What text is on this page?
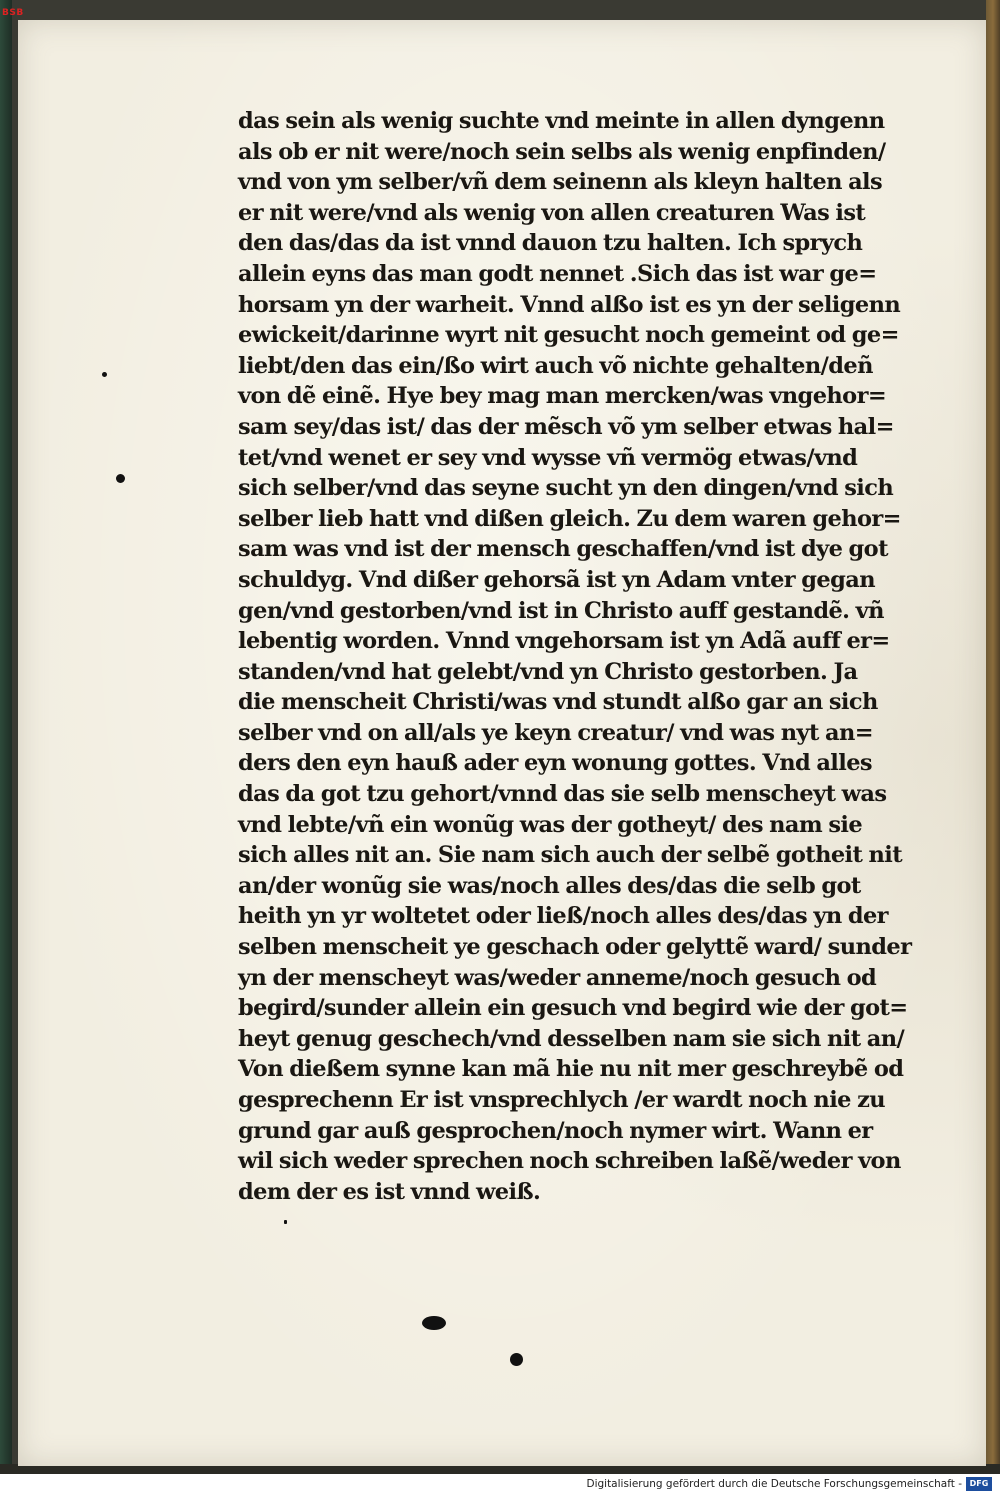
BSB
das sein als wenig suchte vnd meinte in allen dyngenn
als ob er nit were/noch sein selbs als wenig enpfinden/
vnd von ym selber/vñ dem seinenn als kleyn halten als
er nit were/vnd als wenig von allen creaturen Was ist
den das/das da ist vnnd dauon tzu halten. Ich sprych
allein eyns das man godt nennet .Sich das ist war ge=
horsam yn der warheit. Vnnd alßo ist es yn der seligenn
ewickeit/darinne wyrt nit gesucht noch gemeint od ge=
liebt/den das ein/ßo wirt auch võ nichte gehalten/deñ
von dẽ einẽ. Hye bey mag man mercken/was vngehor=
sam sey/das ist/ das der mẽsch võ ym selber etwas hal=
tet/vnd wenet er sey vnd wysse vñ vermög etwas/vnd
sich selber/vnd das seyne sucht yn den dingen/vnd sich
selber lieb hatt vnd dißen gleich. Zu dem waren gehor=
sam was vnd ist der mensch geschaffen/vnd ist dye got
schuldyg. Vnd dißer gehorsã ist yn Adam vnter gegan
gen/vnd gestorben/vnd ist in Christo auff gestandẽ. vñ
lebentig worden. Vnnd vngehorsam ist yn Adã auff er=
standen/vnd hat gelebt/vnd yn Christo gestorben. Ja
die menscheit Christi/was vnd stundt alßo gar an sich
selber vnd on all/als ye keyn creatur/ vnd was nyt an=
ders den eyn hauß ader eyn wonung gottes. Vnd alles
das da got tzu gehort/vnnd das sie selb menscheyt was
vnd lebte/vñ ein wonũg was der gotheyt/ des nam sie
sich alles nit an. Sie nam sich auch der selbẽ gotheit nit
an/der wonũg sie was/noch alles des/das die selb got
heith yn yr woltetet oder ließ/noch alles des/das yn der
selben menscheit ye geschach oder gelyttẽ ward/ sunder
yn der menscheyt was/weder anneme/noch gesuch od
begird/sunder allein ein gesuch vnd begird wie der got=
heyt genug geschech/vnd desselben nam sie sich nit an/
Von dießem synne kan mã hie nu nit mer geschreybẽ od
gesprechenn Er ist vnsprechlych /er wardt noch nie zu
grund gar auß gesprochen/noch nymer wirt. Wann er
wil sich weder sprechen noch schreiben laßẽ/weder von
dem der es ist vnnd weiß.
Digitalisierung gefördert durch die Deutsche Forschungsgemeinschaft - DFG
